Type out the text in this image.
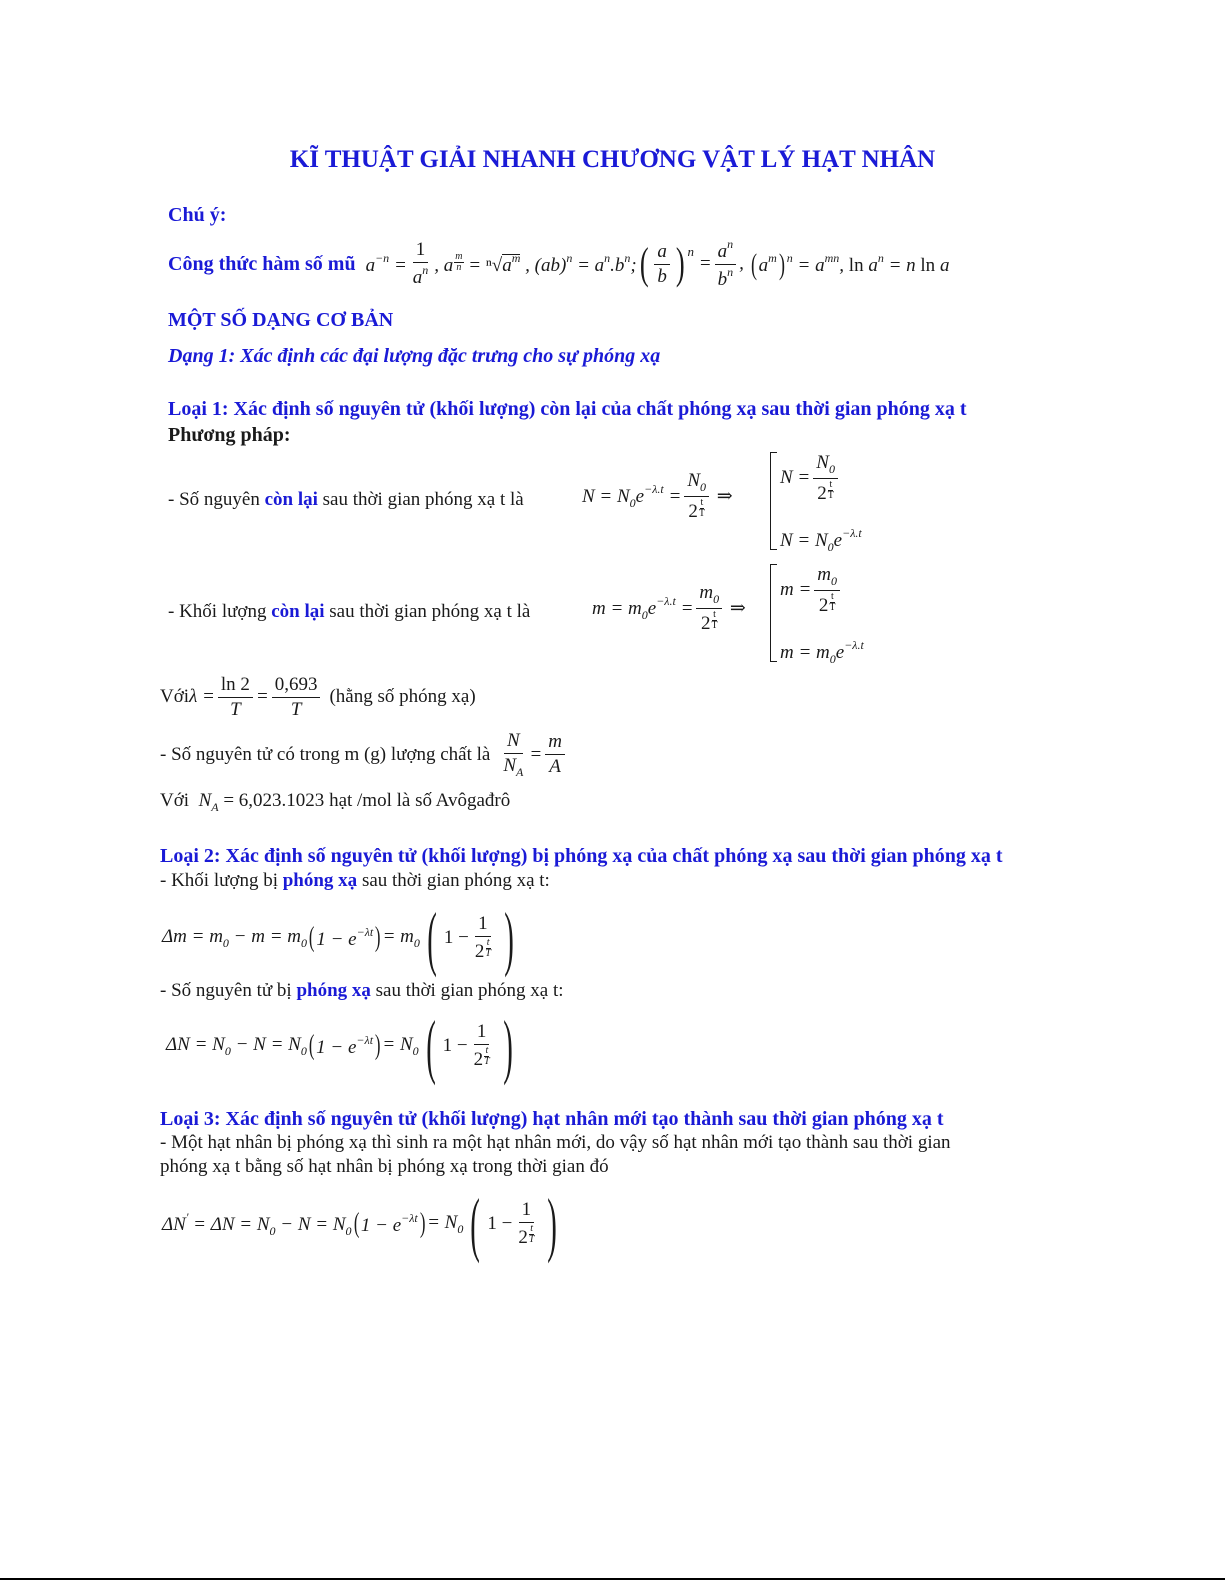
KĨ THUẬT GIẢI NHANH CHƯƠNG VẬT LÝ HẠT NHÂN
Chú ý:
Công thức hàm số mũ $a^{-n} = \frac{1}{a^n}$ , a $\frac{m}{n} = ^n√a^m$ , $(ab)^n = a^n.b^n$; ( $\frac{a}{b}$ ) n
= $\frac{a^n}{b^n}$ , ( $a^m$ ) $^n = a^{mn}$, $\ln a^n = n$ ln a
MỘT SỐ DẠNG CƠ BẢN
Dạng 1: Xác định các đại lượng đặc trưng cho sự phóng xạ
Loại 1: Xác định số nguyên tử (khối lượng) còn lại của chất phóng xạ sau thời gian phóng xạ t
Phương pháp:
- Số nguyên còn lại sau thời gian phóng xạ t là	$N = N_0e^{-\lambda.t} = \frac{N_0}{2 \frac{t}{T}}$ ⇒
$N = \frac{N_0}{2 \frac{t}{T}}$
$N = N_0e^{-\lambda.t}$
- Khối lượng còn lại sau thời gian phóng xạ t là	$m = m_0e^{-\lambda.t} = \frac{m_0}{2 \frac{t}{T}}$ ⇒
$m = \frac{m_0}{2 \frac{t}{T}}$
$m = m_0e^{-\lambda.t}$
Với $\lambda = \frac{\ln 2}{T} = \frac{0,693}{T}$ (hằng số phóng xạ)
- Số nguyên tử có trong m (g) lượng chất là $\frac{N}{N_A} = \frac{m}{A}$
Với  $N_A = 6,023.1023$ hạt /mol là số Avôgađrô
Loại 2: Xác định số nguyên tử (khối lượng) bị phóng xạ của chất phóng xạ sau thời gian phóng xạ t
- Khối lượng bị phóng xạ sau thời gian phóng xạ t:
$\Delta m = m_0 - m = m_0$ ( $1 - e^{-\lambda t}$ ) = $m_0$ ( $1 - \frac{1}{2 \frac{t}{T}}$ )
- Số nguyên tử bị phóng xạ sau thời gian phóng xạ t:
$\Delta N = N_0 - N = N_0$ ( $1 - e^{-\lambda t}$ ) = $N_0$ ( $1 - \frac{1}{2 \frac{t}{T}}$ )
Loại 3: Xác định số nguyên tử (khối lượng) hạt nhân mới tạo thành sau thời gian phóng xạ t
- Một hạt nhân bị phóng xạ thì sinh ra một hạt nhân mới, do vậy số hạt nhân mới tạo thành sau thời gian
phóng xạ t bằng số hạt nhân bị phóng xạ trong thời gian đó
$\Delta N' = \Delta N = N_0 - N = N_0$ ( $1 - e^{-\lambda t}$ ) = $N_0$ ( $1 - \frac{1}{2 \frac{t}{T}}$ )
